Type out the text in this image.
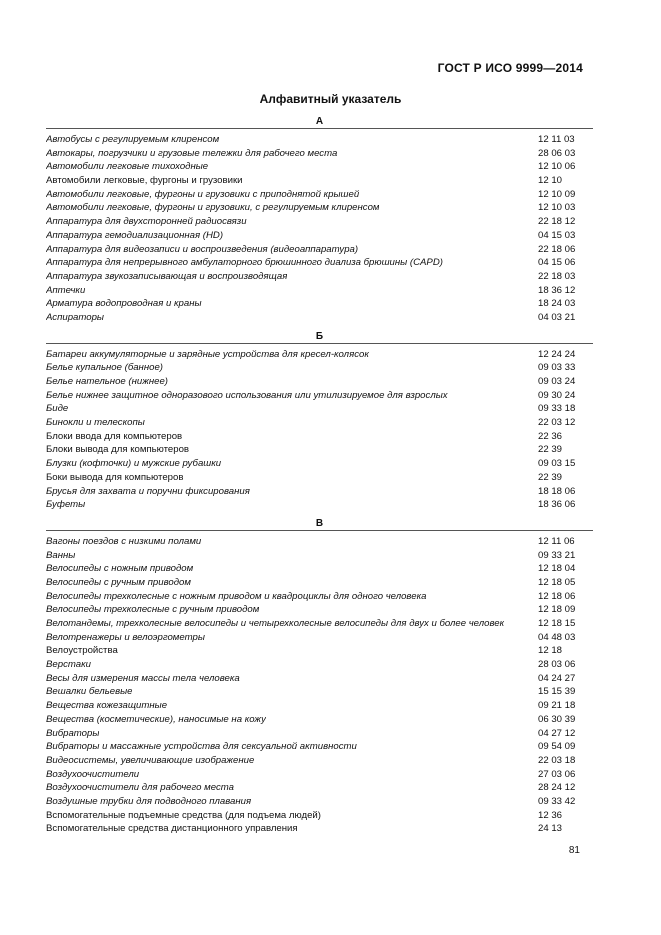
ГОСТ Р ИСО 9999—2014
Алфавитный указатель
А
Автобусы с регулируемым клиренсом	12 11 03
Автокары, погрузчики и грузовые тележки для рабочего места	28 06 03
Автомобили легковые тихоходные	12 10 06
Автомобили легковые, фургоны и грузовики	12 10
Автомобили легковые, фургоны и грузовики с приподнятой крышей	12 10 09
Автомобили легковые, фургоны и грузовики, с регулируемым клиренсом	12 10 03
Аппаратура для двухсторонней радиосвязи	22 18 12
Аппаратура гемодиализационная (HD)	04 15 03
Аппаратура для видеозаписи и воспроизведения (видеоаппаратура)	22 18 06
Аппаратура для непрерывного амбулаторного брюшинного диализа брюшины (CAPD)	04 15 06
Аппаратура звукозаписывающая и воспроизводящая	22 18 03
Аптечки	18 36 12
Арматура водопроводная и краны	18 24 03
Аспираторы	04 03 21
Б
Батареи аккумуляторные и зарядные устройства для кресел-колясок	12 24 24
Белье купальное (банное)	09 03 33
Белье нательное (нижнее)	09 03 24
Белье нижнее защитное одноразового использования или утилизируемое для взрослых	09 30 24
Биде	09 33 18
Бинокли и телескопы	22 03 12
Блоки ввода для компьютеров	22 36
Блоки вывода для компьютеров	22 39
Блузки (кофточки) и мужские рубашки	09 03 15
Боки вывода для компьютеров	22 39
Брусья для захвата и поручни фиксирования	18 18 06
Буфеты	18 36 06
В
Вагоны поездов с низкими полами	12 11 06
Ванны	09 33 21
Велосипеды с ножным приводом	12 18 04
Велосипеды с ручным приводом	12 18 05
Велосипеды трехколесные с ножным приводом и квадроциклы для одного человека	12 18 06
Велосипеды трехколесные с ручным приводом	12 18 09
Велотандемы, трехколесные велосипеды и четырехколесные велосипеды для двух и более человек	12 18 15
Велотренажеры и велоэргометры	04 48 03
Велоустройства	12 18
Верстаки	28 03 06
Весы для измерения массы тела человека	04 24 27
Вешалки бельевые	15 15 39
Вещества кожезащитные	09 21 18
Вещества (косметические), наносимые на кожу	06 30 39
Вибраторы	04 27 12
Вибраторы и массажные устройства для сексуальной активности	09 54 09
Видеосистемы, увеличивающие изображение	22 03 18
Воздухоочистители	27 03 06
Воздухоочистители для рабочего места	28 24 12
Воздушные трубки для подводного плавания	09 33 42
Вспомогательные подъемные средства (для подъема людей)	12 36
Вспомогательные средства дистанционного управления	24 13
81
